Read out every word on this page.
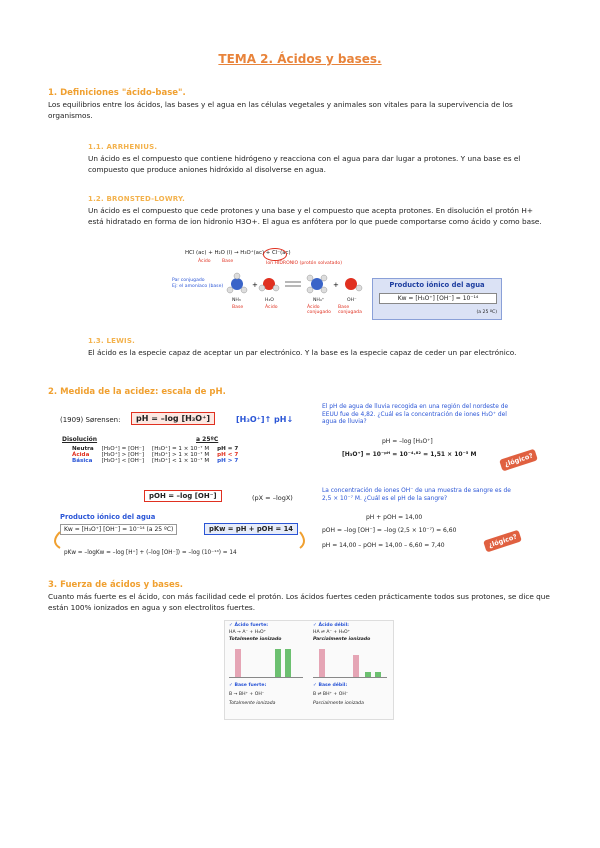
TEMA 2. Ácidos y bases.
1. Definiciones "ácido-base".
Los equilibrios entre los ácidos, las bases y el agua en las células vegetales y animales son vitales para la supervivencia de los organismos.
1.1. ARRHENIUS.
Un ácido es el compuesto que contiene hidrógeno y reacciona con el agua para dar lugar a protones. Y una base es el compuesto que produce aniones hidróxido al disolverse en agua.
1.2. BRONSTED-LOWRY.
Un ácido es el compuesto que cede protones y una base y el compuesto que acepta protones. En disolución el protón H+ está hidratado en forma de ion hidronio H3O+. El agua es anfótera por lo que puede comportarse como ácido y como base.
HCl (ac) + H₂O (l) → H₃O⁺(ac) + Cl⁻(ac)
Ácido Base	Ion HIDRONIO (protón solvatado)
Par conjugado
Ej: el amoníaco (base)	+	+
NH₃	H₂O	NH₄⁺	OH⁻
Base	Ácido	Ácido conjugado
Base conjugada
Producto iónico del agua
Kw = [H₃O⁺] [OH⁻] = 10⁻¹⁴
(a 25 ºC)
1.3. LEWIS.
El ácido es la especie capaz de aceptar un par electrónico. Y la base es la especie capaz de ceder un par electrónico.
2. Medida de la acidez: escala de pH.
(1909) Sørensen:	pH = –log [H₃O⁺]	[H₃O⁺]↑ pH↓
Disolución	a 25ºC
Neutra	[H₃O⁺] = [OH⁻]	[H₃O⁺] = 1 × 10⁻⁷ M	pH = 7
Ácida	[H₃O⁺] > [OH⁻]	[H₃O⁺] > 1 × 10⁻⁷ M	pH < 7
Básica	[H₃O⁺] < [OH⁻]	[H₃O⁺] < 1 × 10⁻⁷ M	pH > 7
pOH = –log [OH⁻]	(pX = –logX)
Producto iónico del agua
Kw = [H₃O⁺] [OH⁻] = 10⁻¹⁴ (a 25 ºC)	pKw = pH + pOH = 14
pKw = –logKw = –log [H⁺] + (–log [OH⁻]) = –log (10⁻¹⁴) = 14
El pH de agua de lluvia recogida en una región del nordeste de EEUU fue de 4,82. ¿Cuál es la concentración de iones H₃O⁺ del agua de lluvia?
pH = –log [H₃O⁺]
[H₃O⁺] = 10⁻ᵖᴴ = 10⁻⁴·⁸² = 1,51 × 10⁻⁵ M	¿lógico?
La concentración de iones OH⁻ de una muestra de sangre es de 2,5 × 10⁻⁷ M. ¿Cuál es el pH de la sangre?
pH + pOH = 14,00
pOH = –log [OH⁻] = –log (2,5 × 10⁻⁷) = 6,60
pH = 14,00 – pOH = 14,00 – 6,60 = 7,40	¿lógico?
3. Fuerza de ácidos y bases.
Cuanto más fuerte es el ácido, con más facilidad cede el protón. Los ácidos fuertes ceden prácticamente todos sus protones, se dice que están 100% ionizados en agua y son electrolitos fuertes.
✓ Ácido fuerte:
HA → A⁻ + H₃O⁺
Totalmente ionizado
✓ Ácido débil:
HA ⇌ A⁻ + H₃O⁺
Parcialmente ionizado
✓ Base fuerte:
B → BH⁺ + OH⁻
Totalmente ionizada
✓ Base débil:
B ⇌ BH⁺ + OH⁻
Parcialmente ionizada
